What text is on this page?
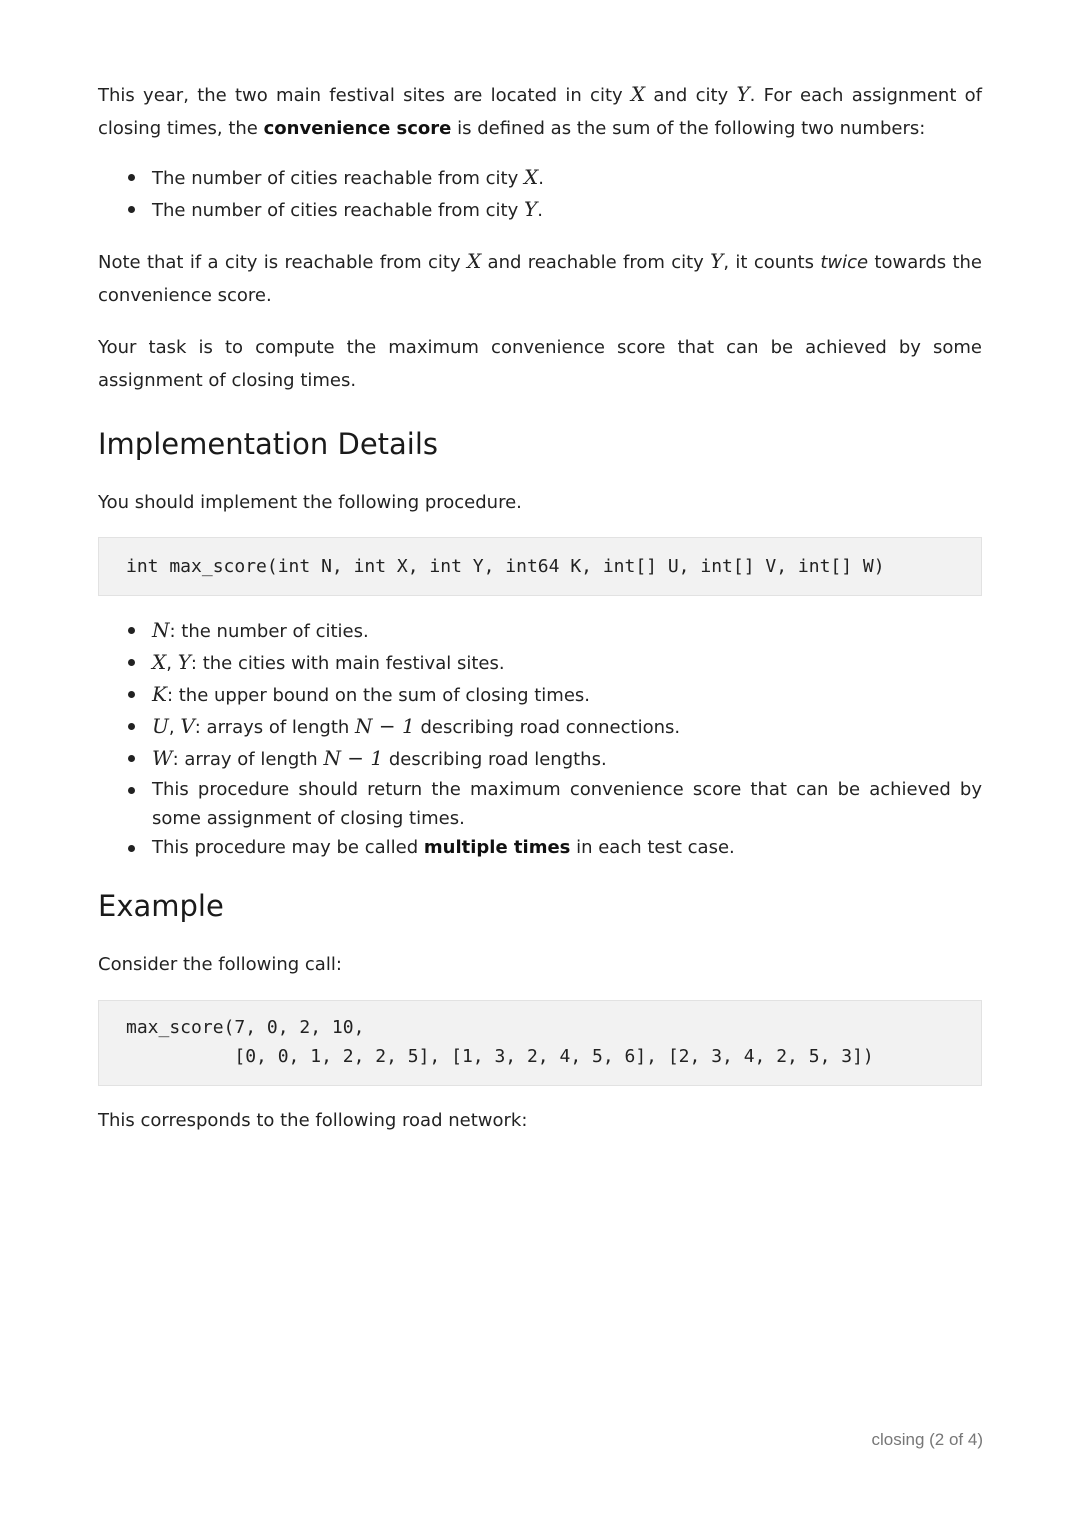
This year, the two main festival sites are located in city X and city Y. For each assignment of closing times, the convenience score is defined as the sum of the following two numbers:

The number of cities reachable from city X.
The number of cities reachable from city Y.

Note that if a city is reachable from city X and reachable from city Y, it counts twice towards the convenience score.

Your task is to compute the maximum convenience score that can be achieved by some assignment of closing times.

Implementation Details

You should implement the following procedure.

int max_score(int N, int X, int Y, int64 K, int[] U, int[] V, int[] W)
N: the number of cities.
X, Y: the cities with main festival sites.
K: the upper bound on the sum of closing times.
U, V: arrays of length N − 1 describing road connections.
W: array of length N − 1 describing road lengths.
This procedure should return the maximum convenience score that can be achieved by some assignment of closing times.
This procedure may be called multiple times in each test case.
Example

Consider the following call:

max_score(7, 0, 2, 10,
[0, 0, 1, 2, 2, 5], [1, 3, 2, 4, 5, 6], [2, 3, 4, 2, 5, 3])

This corresponds to the following road network:

closing (2 of 4)
